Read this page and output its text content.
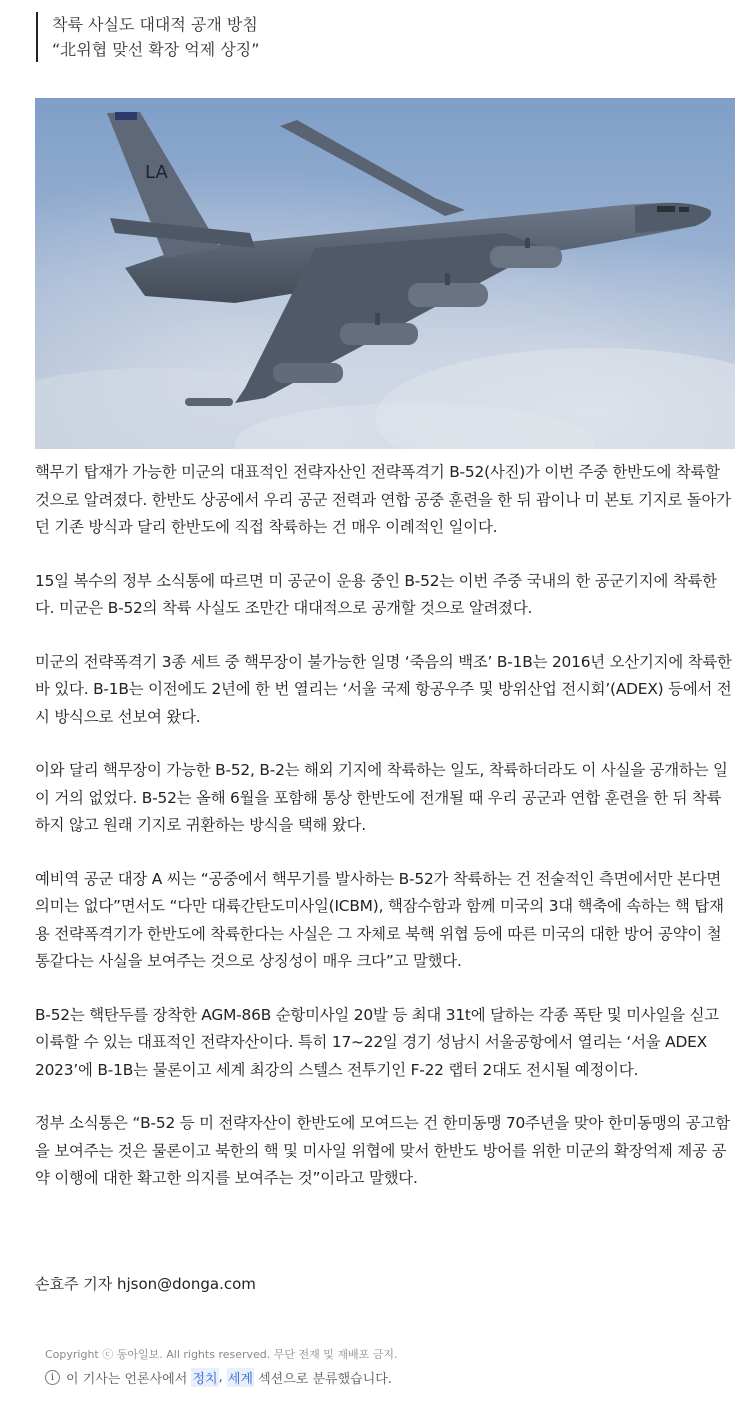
착륙 사실도 대대적 공개 방침

“北위협 맞선 확장 억제 상징”

LA

핵무기 탑재가 가능한 미군의 대표적인 전략자산인 전략폭격기 B-52(사진)가 이번 주중 한반도에 착륙할 것으로 알려졌다. 한반도 상공에서 우리 공군 전력과 연합 공중 훈련을 한 뒤 괌이나 미 본토 기지로 돌아가던 기존 방식과 달리 한반도에 직접 착륙하는 건 매우 이례적인 일이다.

15일 복수의 정부 소식통에 따르면 미 공군이 운용 중인 B-52는 이번 주중 국내의 한 공군기지에 착륙한다. 미군은 B-52의 착륙 사실도 조만간 대대적으로 공개할 것으로 알려졌다.

미군의 전략폭격기 3종 세트 중 핵무장이 불가능한 일명 ‘죽음의 백조’ B-1B는 2016년 오산기지에 착륙한 바 있다. B-1B는 이전에도 2년에 한 번 열리는 ‘서울 국제 항공우주 및 방위산업 전시회’(ADEX) 등에서 전시 방식으로 선보여 왔다.

이와 달리 핵무장이 가능한 B-52, B-2는 해외 기지에 착륙하는 일도, 착륙하더라도 이 사실을 공개하는 일이 거의 없었다. B-52는 올해 6월을 포함해 통상 한반도에 전개될 때 우리 공군과 연합 훈련을 한 뒤 착륙하지 않고 원래 기지로 귀환하는 방식을 택해 왔다.

예비역 공군 대장 A 씨는 “공중에서 핵무기를 발사하는 B-52가 착륙하는 건 전술적인 측면에서만 본다면 의미는 없다”면서도 “다만 대륙간탄도미사일(ICBM), 핵잠수함과 함께 미국의 3대 핵축에 속하는 핵 탑재용 전략폭격기가 한반도에 착륙한다는 사실은 그 자체로 북핵 위협 등에 따른 미국의 대한 방어 공약이 철통같다는 사실을 보여주는 것으로 상징성이 매우 크다”고 말했다.

B-52는 핵탄두를 장착한 AGM-86B 순항미사일 20발 등 최대 31t에 달하는 각종 폭탄 및 미사일을 싣고 이륙할 수 있는 대표적인 전략자산이다. 특히 17~22일 경기 성남시 서울공항에서 열리는 ‘서울 ADEX 2023’에 B-1B는 물론이고 세계 최강의 스텔스 전투기인 F-22 랩터 2대도 전시될 예정이다.

정부 소식통은 “B-52 등 미 전략자산이 한반도에 모여드는 건 한미동맹 70주년을 맞아 한미동맹의 공고함을 보여주는 것은 물론이고 북한의 핵 및 미사일 위협에 맞서 한반도 방어를 위한 미군의 확장억제 제공 공약 이행에 대한 확고한 의지를 보여주는 것”이라고 말했다.

손효주 기자 hjson@donga.com
Copyright ⓒ 동아일보. All rights reserved. 무단 전재 및 재배포 금지.
i 이 기사는 언론사에서
정치 ,
세계
섹션으로 분류했습니다.
